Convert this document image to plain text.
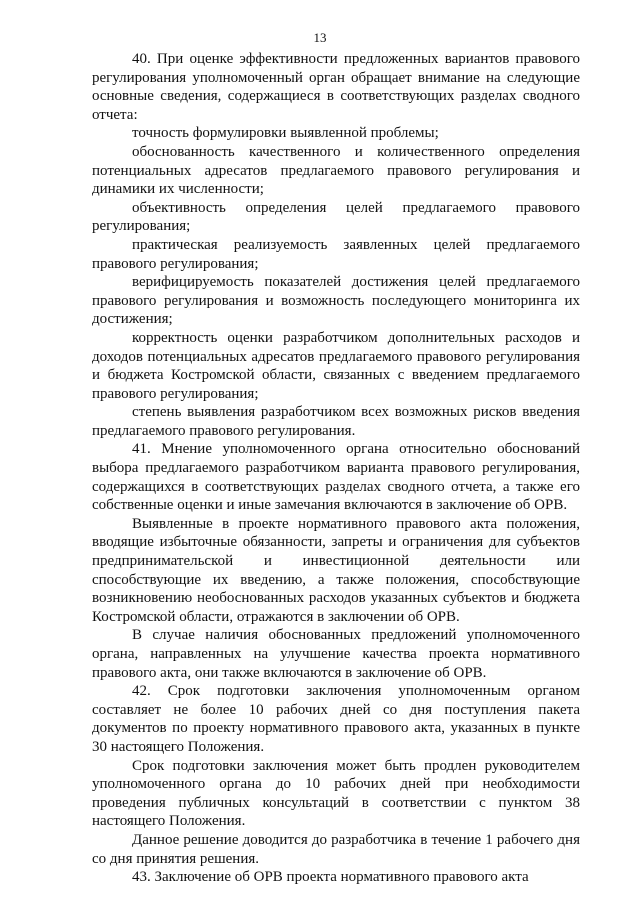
13

40. При оценке эффективности предложенных вариантов правового регулирования уполномоченный орган обращает внимание на следующие основные сведения, содержащиеся в соответствующих разделах сводного отчета:

точность формулировки выявленной проблемы;

обоснованность качественного и количественного определения потенциальных адресатов предлагаемого правового регулирования и динамики их численности;

объективность определения целей предлагаемого правового регулирования;

практическая реализуемость заявленных целей предлагаемого правового регулирования;

верифицируемость показателей достижения целей предлагаемого правового регулирования и возможность последующего мониторинга их достижения;

корректность оценки разработчиком дополнительных расходов и доходов потенциальных адресатов предлагаемого правового регулирования и бюджета Костромской области, связанных с введением предлагаемого правового регулирования;

степень выявления разработчиком всех возможных рисков введения предлагаемого правового регулирования.

41. Мнение уполномоченного органа относительно обоснований выбора предлагаемого разработчиком варианта правового регулирования, содержащихся в соответствующих разделах сводного отчета, а также его собственные оценки и иные замечания включаются в заключение об ОРВ.

Выявленные в проекте нормативного правового акта положения, вводящие избыточные обязанности, запреты и ограничения для субъектов предпринимательской и инвестиционной деятельности или способствующие их введению, а также положения, способствующие возникновению необоснованных расходов указанных субъектов и бюджета Костромской области, отражаются в заключении об ОРВ.

В случае наличия обоснованных предложений уполномоченного органа, направленных на улучшение качества проекта нормативного правового акта, они также включаются в заключение об ОРВ.

42. Срок подготовки заключения уполномоченным органом составляет не более 10 рабочих дней со дня поступления пакета документов по проекту нормативного правового акта, указанных в пункте 30 настоящего Положения.

Срок подготовки заключения может быть продлен руководителем уполномоченного органа до 10 рабочих дней при необходимости проведения публичных консультаций в соответствии с пунктом 38 настоящего Положения.

Данное решение доводится до разработчика в течение 1 рабочего дня со дня принятия решения.

43. Заключение об ОРВ проекта нормативного правового акта
